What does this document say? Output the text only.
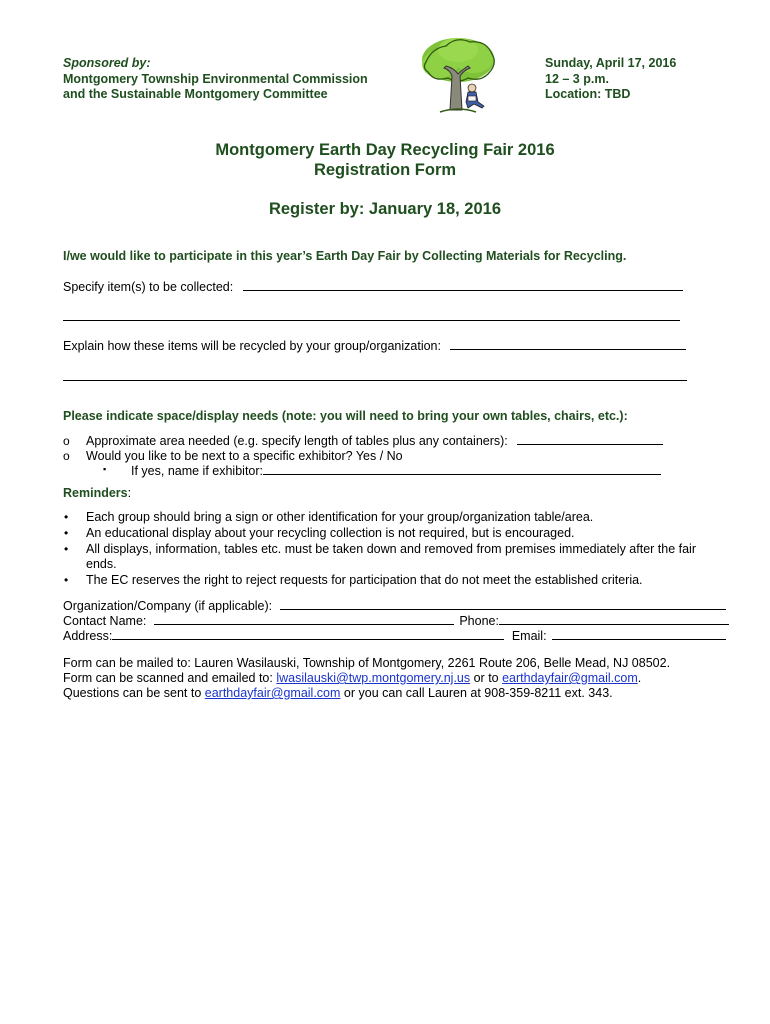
Sponsored by:
Montgomery Township Environmental Commission
and the Sustainable Montgomery Committee
Sunday, April 17, 2016
12 – 3 p.m.
Location: TBD
Montgomery Earth Day Recycling Fair 2016
Registration Form
Register by: January 18, 2016
I/we would like to participate in this year’s Earth Day Fair by Collecting Materials for Recycling.
Specify item(s) to be collected:
Explain how these items will be recycled by your group/organization:
Please indicate space/display needs (note: you will need to bring your own tables, chairs, etc.):
o Approximate area needed (e.g. specify length of tables plus any containers):
o Would you like to be next to a specific exhibitor? Yes / No
▪ If yes, name if exhibitor:
Reminders:
• Each group should bring a sign or other identification for your group/organization table/area.
• An educational display about your recycling collection is not required, but is encouraged.
• All displays, information, tables etc. must be taken down and removed from premises immediately after the fair
ends.
• The EC reserves the right to reject requests for participation that do not meet the established criteria.
Organization/Company (if applicable):
Contact Name:	Phone:
Address:	Email:
Form can be mailed to: Lauren Wasilauski, Township of Montgomery, 2261 Route 206, Belle Mead, NJ 08502.
Form can be scanned and emailed to: lwasilauski@twp.montgomery.nj.us or to earthdayfair@gmail.com.
Questions can be sent to earthdayfair@gmail.com or you can call Lauren at 908-359-8211 ext. 343.
